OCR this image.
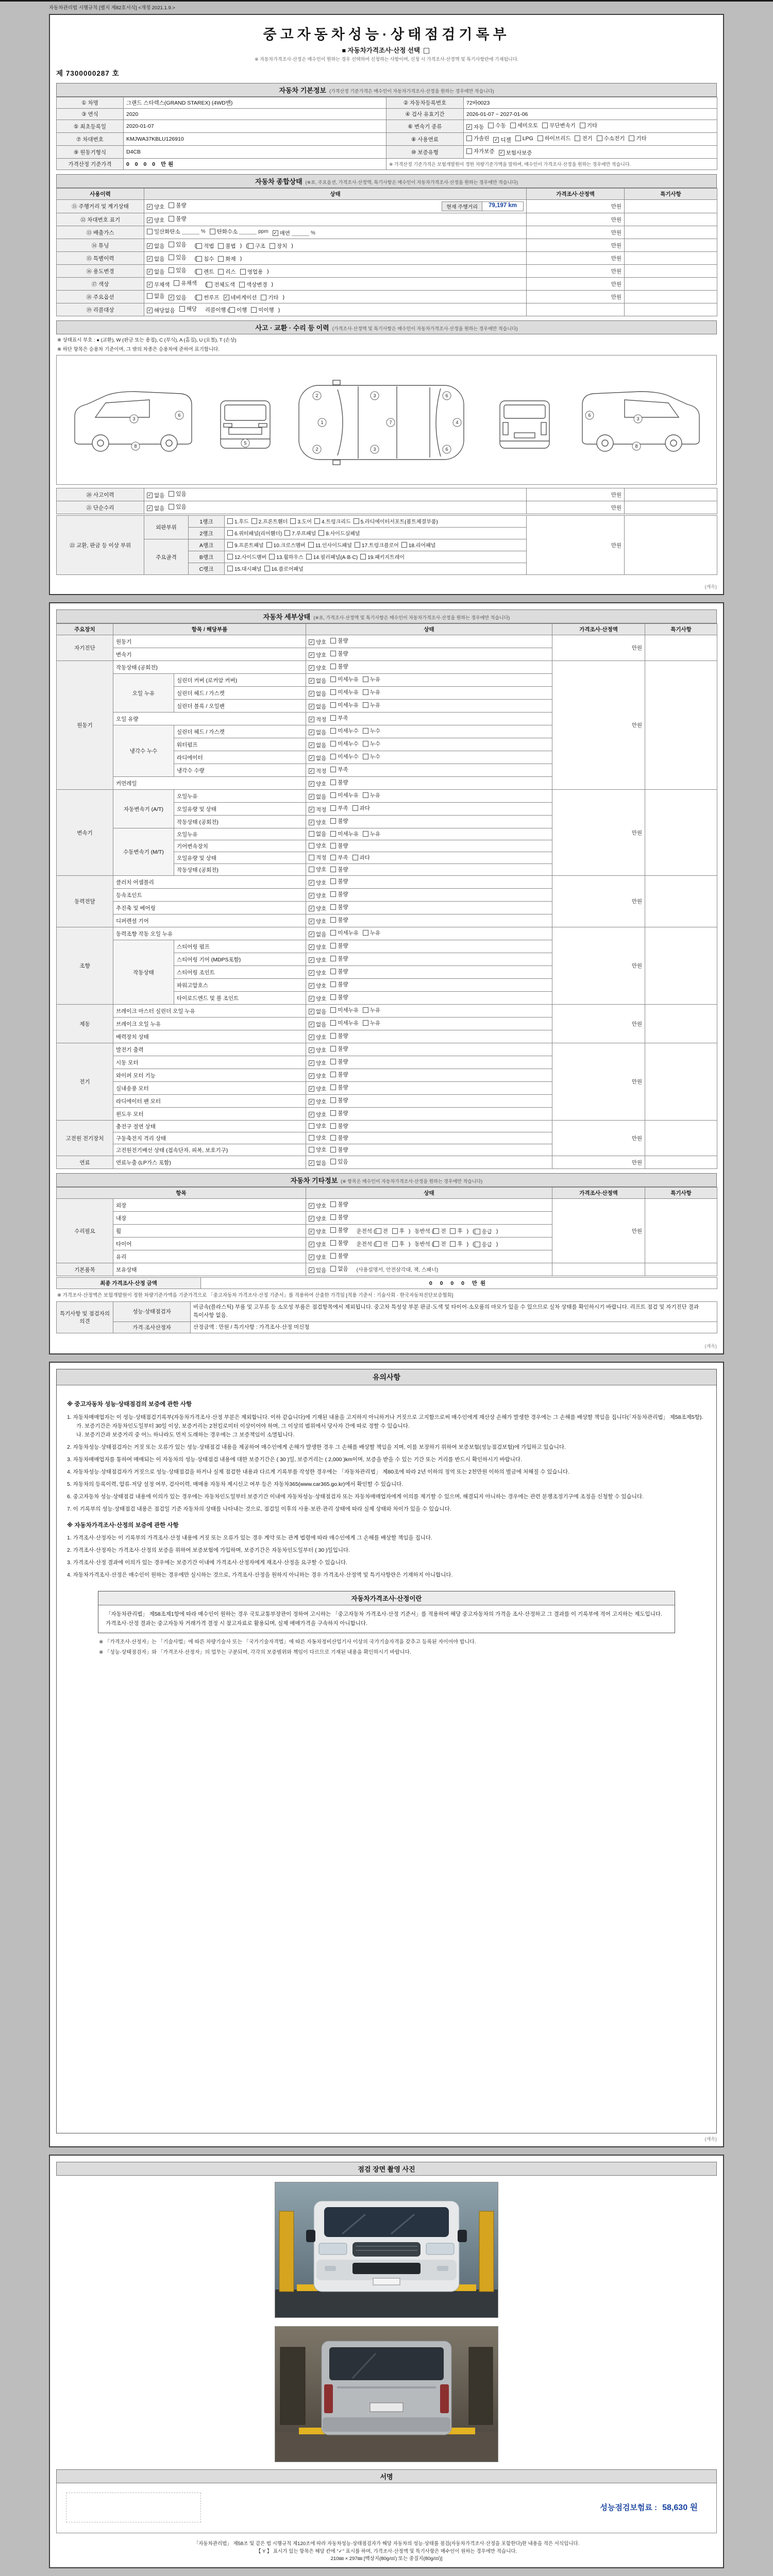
자동차관리법 시행규칙 [별지 제82호서식] <개정 2021.1.9.>
중고자동차성능·상태점검기록부
■ 자동차가격조사·산정 선택
※ 자동차가격조사·산정은 매수인이 원하는 경우 선택하여 신청하는 사항이며, 신청 시 가격조사·산정액 및 특기사항란에 기재됩니다.
제 7300000287 호
자동차 기본정보 (가격산정 기준가격은 매수인이 자동차가격조사·산정을 원하는 경우에만 적습니다)
① 차명	그랜드 스타렉스(GRAND STAREX) (4WD밴)	② 자동차등록번호	72바0023
③ 연식	2020	④ 검사 유효기간	2026-01-07 ~ 2027-01-06
⑤ 최초등록일	2020-01-07	⑥ 변속기 종류	✓ 자동 수동 세미오토 무단변속기 기타

⑦ 차대번호	KMJWA37KBLU126910	⑧ 사용연료	가솔린 ✓ 디젤 LPG 하이브리드 전기 수소전기 기타

⑨ 원동기형식	D4CB	⑩ 보증유형	자가보증 ✓ 보험사보증

가격산정 기준가격	0 0 0 0 만원	※ 가격산정 기준가격은 보험개발원이 정한 차량기준가액을 말하며, 매수인이 가격조사·산정을 원하는 경우에만 적습니다.	
자동차 종합상태 (※표, 주요옵션, 가격조사·산정액, 특기사항은 매수인이 자동차가격조사·산정을 원하는 경우에만 적습니다)
사용이력	상태	가격조사·산정액	특기사항
⑪ 주행거리 및 계기상태	✓ 양호 불량 현재 주행거리 79,197 km	만원	
⑫ 차대번호 표기	✓ 양호 불량	만원	
⑬ 배출가스	일산화탄소	% 탄화수소	ppm ✓ 매연	%	만원	
⑭ 튜닝	✓ 없음 있음 ( 적법 불법 ) ( 구조 장치 )	만원	
⑮ 특별이력	✓ 없음 있음 ( 침수 화재 )	만원	
⑯ 용도변경	✓ 없음 있음 ( 렌트 리스 영업용 )	만원	
⑰ 색상	✓ 무채색 유채색 ( 전체도색 색상변경 )	만원	
⑱ 주요옵션	없음 ✓ 있음 ( 썬루프 ✓ 네비게이션 기타 )	만원	
⑲ 리콜대상	✓ 해당없음 해당 리콜이행 ( 이행 미이행 )		
사고 · 교환 · 수리 등 이력 (가격조사·산정액 및 특기사항은 매수인이 자동차가격조사·산정을 원하는 경우에만 적습니다)
※ 상태표시 부호 : ● (교환), W (판금 또는 용접), C (부식), A (흠집), U (요철), T (손상)
※ 하단 항목은 승용차 기준이며, 그 밖의 차종은 승용차에 준하여 표기합니다.
1
2	3
7
6
4
2	3	6
5
3
8
6
3
8
6
⑳ 사고이력	✓ 없음 있음	만원	
㉑ 단순수리	✓ 없음 있음	만원	
㉒ 교환, 판금 등 이상 부위	외판부위	1랭크	1.후드 2.프론트휀더 3.도어 4.트렁크리드 5.라디에이터서포트(볼트체결부품)	만원	
		2랭크	6.쿼터패널(리어휀더) 7.루프패널 8.사이드실패널		

	주요골격	A랭크	9.프론트패널 10.크로스멤버 11.인사이드패널 17.트렁크플로어 18.리어패널		

		B랭크	12.사이드멤버 13.휠하우스 14.필러패널(A·B·C) 19.패키지트레이		

		C랭크	15.대시패널 16.플로어패널		
(계속)
자동차 세부상태 (※표, 가격조사·산정액 및 특기사항은 매수인이 자동차가격조사·산정을 원하는 경우에만 적습니다)
주요장치	항목 / 해당부품		상태	가격조사·산정액	특기사항
자기진단	원동기		✓ 양호 불량	만원	
	변속기		✓ 양호 불량		

원동기	작동상태 (공회전)		✓ 양호 불량	만원	
	오일 누유	실린더 커버 (로커암 커버)	✓ 없음 미세누유 누유		

		실린더 헤드 / 가스켓	✓ 없음 미세누유 누유		

		실린더 블록 / 오일팬	✓ 없음 미세누유 누유		

	오일 유량		✓ 적정 부족		

	냉각수 누수	실린더 헤드 / 가스켓	✓ 없음 미세누수 누수		

		워터펌프	✓ 없음 미세누수 누수		

		라디에이터	✓ 없음 미세누수 누수		

		냉각수 수량	✓ 적정 부족		

	커먼레일		✓ 양호 불량		

변속기	자동변속기 (A/T)	오일누유	✓ 없음 미세누유 누유	만원	
		오일유량 및 상태	✓ 적정 부족 과다		

		작동상태 (공회전)	✓ 양호 불량		

	수동변속기 (M/T)	오일누유	없음 미세누유 누유		

		기어변속장치	양호 불량		

		오일유량 및 상태	적정 부족 과다		

		작동상태 (공회전)	양호 불량		

동력전달	클러치 어셈블리		✓ 양호 불량	만원	
	등속조인트		✓ 양호 불량		

	추진축 및 베어링		✓ 양호 불량		

	디퍼렌셜 기어		✓ 양호 불량		

조향	동력조향 작동 오일 누유		✓ 없음 미세누유 누유	만원	
	작동상태	스티어링 펌프	✓ 양호 불량		

		스티어링 기어 (MDPS포함)	✓ 양호 불량		

		스티어링 조인트	✓ 양호 불량		

		파워고압호스	✓ 양호 불량		

		타이로드엔드 및 볼 조인트	✓ 양호 불량		

제동	브레이크 마스터 실린더 오일 누유		✓ 없음 미세누유 누유	만원	
	브레이크 오일 누유		✓ 없음 미세누유 누유		

	배력장치 상태		✓ 양호 불량		

전기	발전기 출력		✓ 양호 불량	만원	
	시동 모터		✓ 양호 불량		

	와이퍼 모터 기능		✓ 양호 불량		

	실내송풍 모터		✓ 양호 불량		

	라디에이터 팬 모터		✓ 양호 불량		

	윈도우 모터		✓ 양호 불량		

고전원 전기장치	충전구 절연 상태		양호 불량	만원	
	구동축전지 격리 상태		양호 불량		

	고전원전기배선 상태 (접속단자, 피복, 보호기구)		양호 불량		

연료	연료누출 (LP가스 포함)		✓ 없음 있음	만원	
자동차 기타정보 (※ 항목은 매수인이 자동차가격조사·산정을 원하는 경우에만 적습니다)
항목		상태	가격조사·산정액	특기사항
수리필요	외장	✓ 양호 불량	만원	
	내장	✓ 양호 불량		

휠	✓ 양호 불량 운전석 ( 전 후 ) 동반석 ( 전 후 ) ( 응급 )
타이어	✓ 양호 불량 운전석 ( 전 후 ) 동반석 ( 전 후 ) ( 응급 )
	유리	✓ 양호 불량		

기본품목	보유상태	✓ 있음 없음 (사용설명서, 안전삼각대, 잭, 스패너)		
최종 가격조사·산정 금액	0 0 0 0 만원
※ 가격조사·산정액은 보험개발원이 정한 차량기준가액을 기준가격으로 「중고자동차 가격조사·산정 기준서」를 적용하여 산출한 가격임 [적용 기준서 : 기술사회 · 한국자동차진단보증협회]
특기사항 및 점검자의 의견	성능·상태점검자	비금속(플라스틱) 부품 및 고무류 등 소모성 부품은 점검항목에서 제외됩니다. 중고차 특성상 부분 판금·도색 및 타이어·소모품의 마모가 있을 수 있으므로 실차 상태를 확인하시기 바랍니다. 리프트 점검 및 자기진단 결과 특이사항 없음.
	가격·조사산정자	산정금액 : 만원 / 특기사항 : 가격조사·산정 미신청
(계속)
유의사항
※ 중고자동차 성능·상태점검의 보증에 관한 사항
1. 자동차매매업자는 이 성능·상태점검기록부(자동차가격조사·산정 부분은 제외합니다. 이하 같습니다)에 기재된 내용을 고지하지 아니하거나 거짓으로 고지함으로써 매수인에게 재산상 손해가 발생한 경우에는 그 손해를 배상할 책임을 집니다(「자동차관리법」 제58조제5항).
가. 보증기간은 자동차인도일부터 30일 이상, 보증거리는 2천킬로미터 이상이어야 하며, 그 이상의 범위에서 당사자 간에 따로 정할 수 있습니다.
나. 보증기간과 보증거리 중 어느 하나라도 먼저 도래하는 경우에는 그 보증책임이 소멸됩니다.
2. 자동차성능·상태점검자는 거짓 또는 오류가 있는 성능·상태점검 내용을 제공하여 매수인에게 손해가 발생한 경우 그 손해를 배상할 책임을 지며, 이를 보장하기 위하여 보증보험(성능점검보험)에 가입하고 있습니다.
3. 자동차매매업자를 통하여 매매되는 이 자동차의 성능·상태점검 내용에 대한 보증기간은 ( 30 )일, 보증거리는 ( 2,000 )km이며, 보증을 받을 수 있는 기간 또는 거리를 반드시 확인하시기 바랍니다.
4. 자동차성능·상태점검자가 거짓으로 성능·상태점검을 하거나 실제 점검한 내용과 다르게 기록부를 작성한 경우에는 「자동차관리법」 제80조에 따라 2년 이하의 징역 또는 2천만원 이하의 벌금에 처해질 수 있습니다.
5. 자동차의 등록이력, 압류·저당 설정 여부, 검사이력, 매매용 자동차 제시신고 여부 등은 자동차365(www.car365.go.kr)에서 확인할 수 있습니다.
6. 중고자동차 성능·상태점검 내용에 이의가 있는 경우에는 자동차인도일부터 보증기간 이내에 자동차성능·상태점검자 또는 자동차매매업자에게 이의를 제기할 수 있으며, 해결되지 아니하는 경우에는 관련 분쟁조정기구에 조정을 신청할 수 있습니다.
7. 이 기록부의 성능·상태점검 내용은 점검일 기준 자동차의 상태를 나타내는 것으로, 점검일 이후의 사용·보관·관리 상태에 따라 실제 상태와 차이가 있을 수 있습니다.
※ 자동차가격조사·산정의 보증에 관한 사항
1. 가격조사·산정자는 이 기록부의 가격조사·산정 내용에 거짓 또는 오류가 있는 경우 계약 또는 관계 법령에 따라 매수인에게 그 손해를 배상할 책임을 집니다.
2. 가격조사·산정자는 가격조사·산정의 보증을 위하여 보증보험에 가입하며, 보증기간은 자동차인도일부터 ( 30 )일입니다.
3. 가격조사·산정 결과에 이의가 있는 경우에는 보증기간 이내에 가격조사·산정자에게 재조사·산정을 요구할 수 있습니다.
4. 자동차가격조사·산정은 매수인이 원하는 경우에만 실시하는 것으로, 가격조사·산정을 원하지 아니하는 경우 가격조사·산정액 및 특기사항란은 기재하지 아니합니다.
자동차가격조사·산정이란
「자동차관리법」 제58조제1항에 따라 매수인이 원하는 경우 국토교통부장관이 정하여 고시하는 「중고자동차 가격조사·산정 기준서」를 적용하여 해당 중고자동차의 가격을 조사·산정하고 그 결과를 이 기록부에 적어 고지하는 제도입니다. 가격조사·산정 결과는 중고자동차 거래가격 결정 시 참고자료로 활용되며, 실제 매매가격을 구속하지 아니합니다.
※ 「가격조사·산정자」는 「기술사법」에 따른 차량기술사 또는 「국가기술자격법」에 따른 자동차정비산업기사 이상의 국가기술자격을 갖추고 등록된 자이어야 합니다.
※ 「성능·상태점검자」와 「가격조사·산정자」의 업무는 구분되며, 각각의 보증범위와 책임이 다르므로 기재된 내용을 확인하시기 바랍니다.
(계속)
점검 장면 촬영 사진
서명
성능점검보험료 : 58,630 원
「자동차관리법」 제58조 및 같은 법 시행규칙 제120조에 따라 자동차성능·상태점검자가 해당 자동차의 성능·상태를 점검(자동차가격조사·산정을 포함한다)한 내용을 적은 서식입니다.
【 Y 】 표시가 있는 항목은 해당 칸에 "✓" 표시를 하며, 가격조사·산정액 및 특기사항은 매수인이 원하는 경우에만 적습니다.
210㎜ × 297㎜ [백상지(80g/㎡) 또는 중질지(80g/㎡)]
